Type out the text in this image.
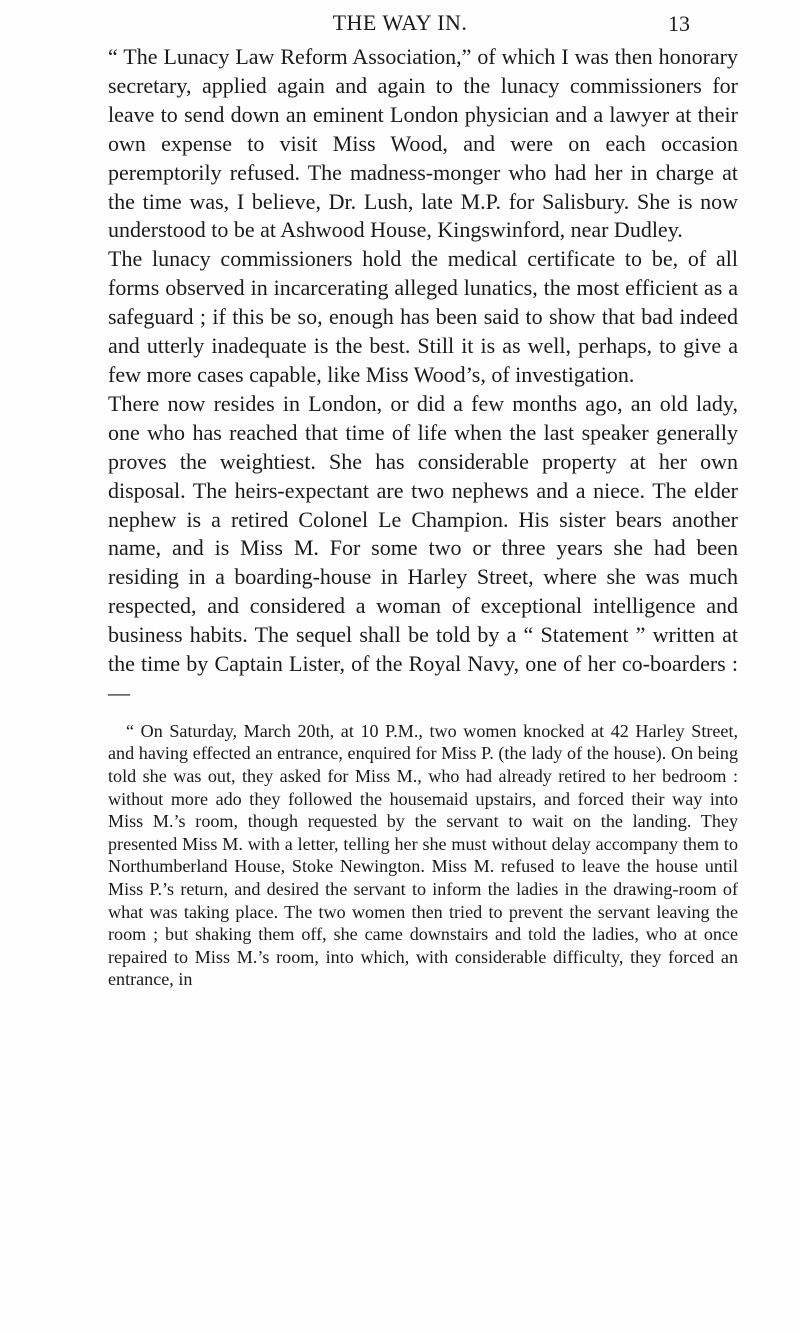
THE WAY IN.	13

“ The Lunacy Law Reform Association,” of which I was then honorary secretary, applied again and again to the lunacy commissioners for leave to send down an eminent London physician and a lawyer at their own expense to visit Miss Wood, and were on each occasion peremptorily refused. The madness-monger who had her in charge at the time was, I believe, Dr. Lush, late M.P. for Salisbury. She is now understood to be at Ashwood House, Kingswinford, near Dudley.

The lunacy commissioners hold the medical certificate to be, of all forms observed in incarcerating alleged lunatics, the most efficient as a safeguard ; if this be so, enough has been said to show that bad indeed and utterly inadequate is the best. Still it is as well, perhaps, to give a few more cases capable, like Miss Wood’s, of investigation.

There now resides in London, or did a few months ago, an old lady, one who has reached that time of life when the last speaker generally proves the weightiest. She has considerable property at her own disposal. The heirs-expectant are two nephews and a niece. The elder nephew is a retired Colonel Le Champion. His sister bears another name, and is Miss M. For some two or three years she had been residing in a boarding-house in Harley Street, where she was much respected, and considered a woman of exceptional intelligence and business habits. The sequel shall be told by a “ Statement ” written at the time by Captain Lister, of the Royal Navy, one of her co-boarders :—

“ On Saturday, March 20th, at 10 P.M., two women knocked at 42 Harley Street, and having effected an entrance, enquired for Miss P. (the lady of the house). On being told she was out, they asked for Miss M., who had already retired to her bedroom : without more ado they followed the housemaid upstairs, and forced their way into Miss M.’s room, though requested by the servant to wait on the landing. They presented Miss M. with a letter, telling her she must without delay accompany them to Northumberland House, Stoke Newington. Miss M. refused to leave the house until Miss P.’s return, and desired the servant to inform the ladies in the drawing-room of what was taking place. The two women then tried to prevent the servant leaving the room ; but shaking them off, she came downstairs and told the ladies, who at once repaired to Miss M.’s room, into which, with considerable difficulty, they forced an entrance, in
